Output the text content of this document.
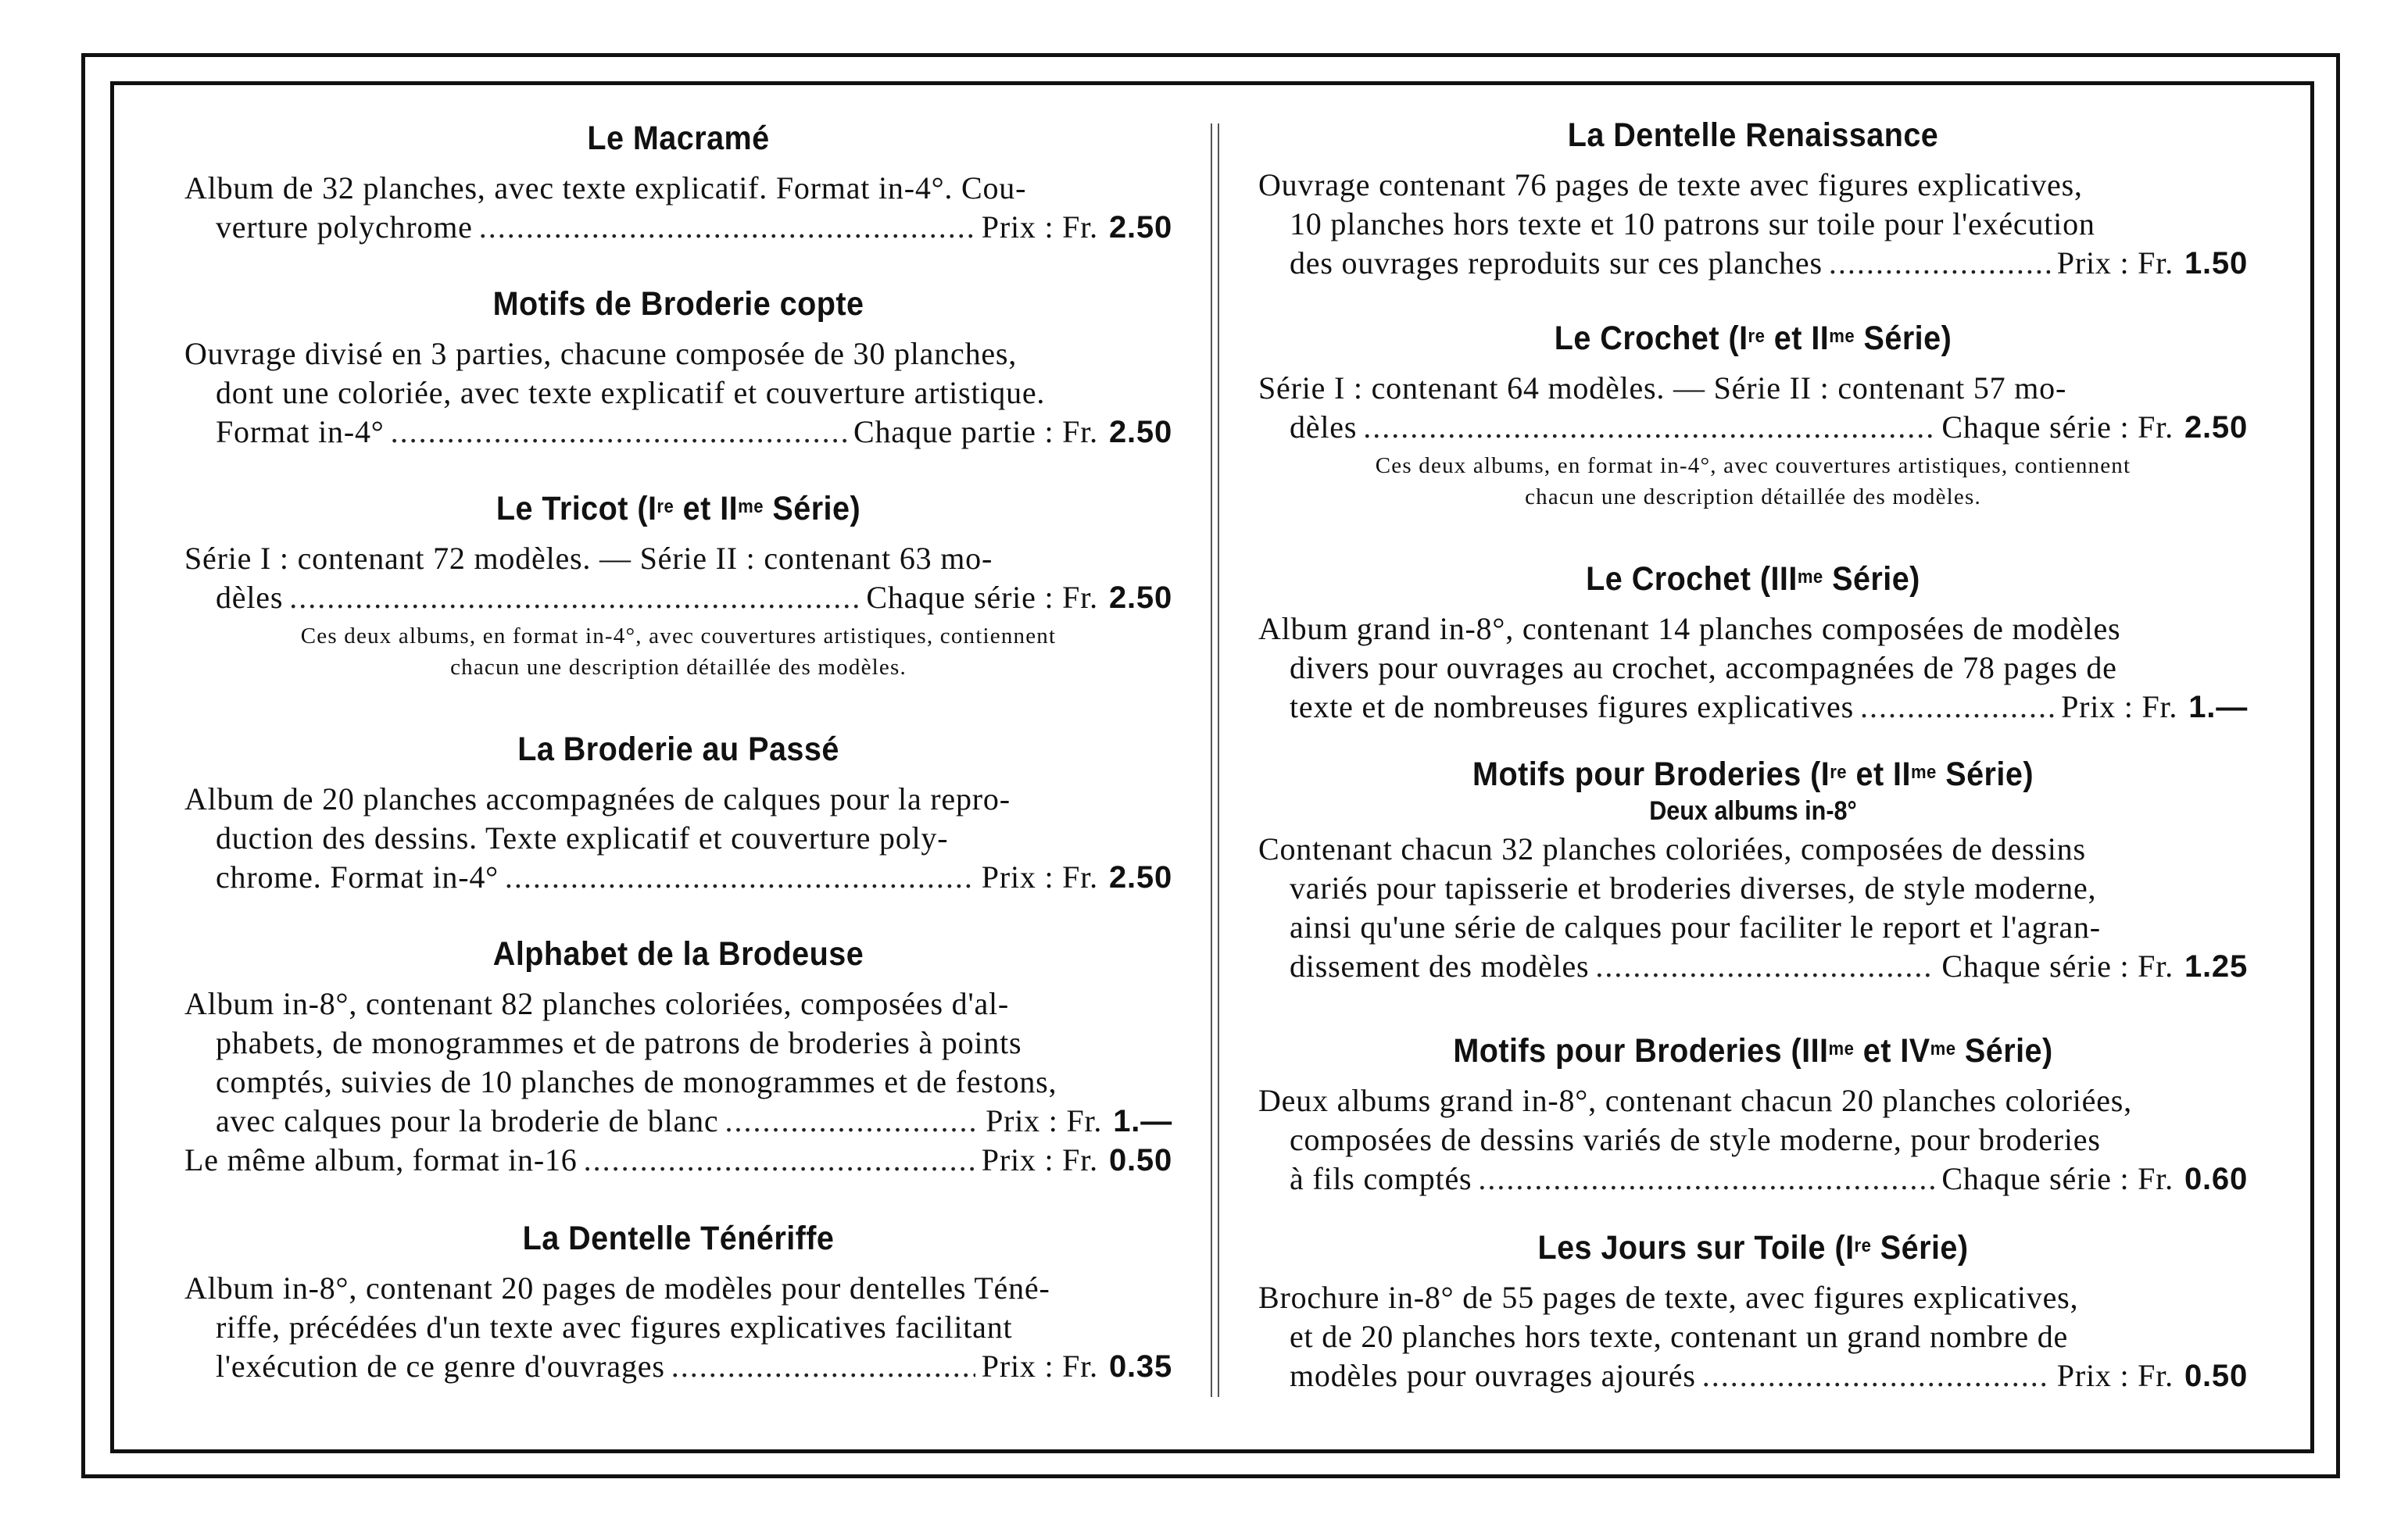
Le Macramé
Album de 32 planches, avec texte explicatif. Format in-4°. Cou-
verture polychrome .....	Prix : Fr. 2.50
Motifs de Broderie copte
Ouvrage divisé en 3 parties, chacune composée de 30 planches,
dont une coloriée, avec texte explicatif et couverture artistique.
Format in-4° .....	Chaque partie : Fr. 2.50
Le Tricot (Ire et $II^{me}$ Série)
Série I : contenant 72 modèles. — Série II : contenant 63 mo-
dèles .....	Chaque série : Fr. 2.50
Ces deux albums, en format in-4°, avec couvertures artistiques, contiennent
chacun une description détaillée des modèles.
La Broderie au Passé
Album de 20 planches accompagnées de calques pour la repro-
duction des dessins. Texte explicatif et couverture poly-
chrome. Format in-4° .....	Prix : Fr. 2.50
Alphabet de la Brodeuse
Album in-8°, contenant 82 planches coloriées, composées d'al-
phabets, de monogrammes et de patrons de broderies à points
comptés, suivies de 10 planches de monogrammes et de festons,
avec calques pour la broderie de blanc .....	Prix : Fr. 1.—
Le même album, format in-16 .....	Prix : Fr. 0.50
La Dentelle Ténériffe
Album in-8°, contenant 20 pages de modèles pour dentelles Téné-
riffe, précédées d'un texte avec figures explicatives facilitant
l'exécution de ce genre d'ouvrages .....	Prix : Fr. 0.35
La Dentelle Renaissance
Ouvrage contenant 76 pages de texte avec figures explicatives,
10 planches hors texte et 10 patrons sur toile pour l'exécution
des ouvrages reproduits sur ces planches .....	Prix : Fr. 1.50
Le Crochet (Ire et $II^{me}$ Série)
Série I : contenant 64 modèles. — Série II : contenant 57 mo-
dèles .....	Chaque série : Fr. 2.50
Ces deux albums, en format in-4°, avec couvertures artistiques, contiennent
chacun une description détaillée des modèles.
Le Crochet ($III^{me}$ Série)
Album grand in-8°, contenant 14 planches composées de modèles
divers pour ouvrages au crochet, accompagnées de 78 pages de
texte et de nombreuses figures explicatives .....	Prix : Fr. 1.—
Motifs pour Broderies (Ire et $II^{me}$ Série)
Deux albums in-8°
Contenant chacun 32 planches coloriées, composées de dessins
variés pour tapisserie et broderies diverses, de style moderne,
ainsi qu'une série de calques pour faciliter le report et l'agran-
dissement des modèles .....	Chaque série : Fr. 1.25
Motifs pour Broderies ($III^{me}$ et $IV^{me}$ Série)
Deux albums grand in-8°, contenant chacun 20 planches coloriées,
composées de dessins variés de style moderne, pour broderies
à fils comptés .....	Chaque série : Fr. 0.60
Les Jours sur Toile (Ire Série)
Brochure in-8° de 55 pages de texte, avec figures explicatives,
et de 20 planches hors texte, contenant un grand nombre de
modèles pour ouvrages ajourés .....	Prix : Fr. 0.50
